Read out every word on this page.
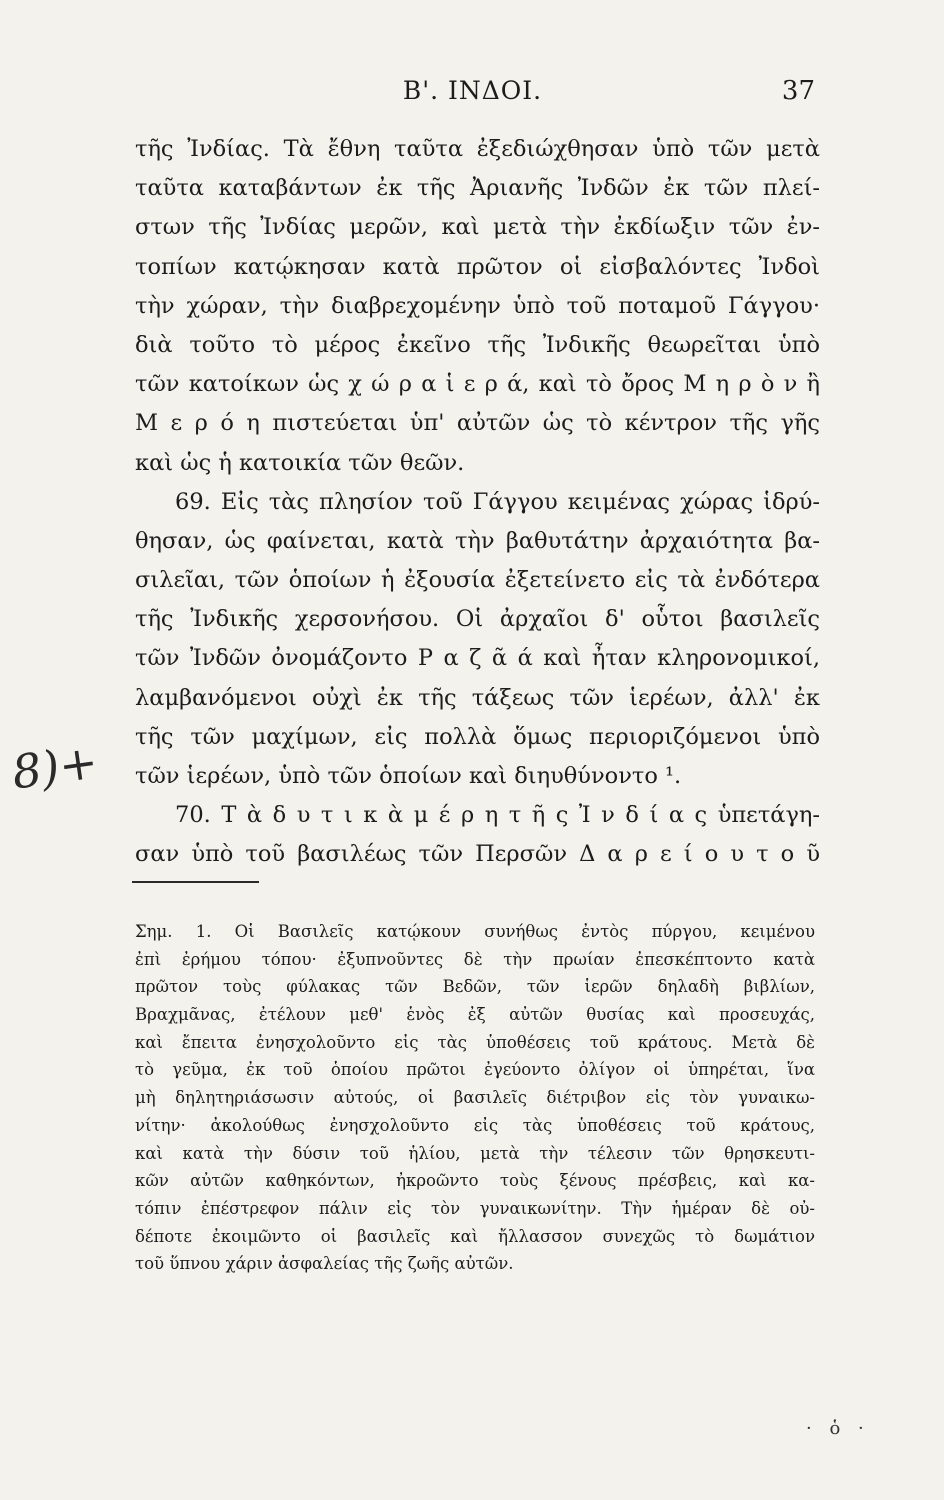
Β'. ΙΝΔΟΙ.	37
τῆς Ἰνδίας. Τὰ ἔθνη ταῦτα ἐξεδιώχθησαν ὑπὸ τῶν μετὰ
ταῦτα καταβάντων ἐκ τῆς Ἀριανῆς Ἰνδῶν ἐκ τῶν πλεί-
στων τῆς Ἰνδίας μερῶν, καὶ μετὰ τὴν ἐκδίωξιν τῶν ἐν-
τοπίων κατῴκησαν κατὰ πρῶτον οἱ εἰσβαλόντες Ἰνδοὶ
τὴν χώραν, τὴν διαβρεχομένην ὑπὸ τοῦ ποταμοῦ Γάγγου·
διὰ τοῦτο τὸ μέρος ἐκεῖνο τῆς Ἰνδικῆς θεωρεῖται ὑπὸ
τῶν κατοίκων ὡς χ ώ ρ α ἱ ε ρ ά, καὶ τὸ ὄρος Μ η ρ ὸ ν ἢ
Μ ε ρ ό η πιστεύεται ὑπ' αὐτῶν ὡς τὸ κέντρον τῆς γῆς
καὶ ὡς ἡ κατοικία τῶν θεῶν.
69. Εἰς τὰς πλησίον τοῦ Γάγγου κειμένας χώρας ἱδρύ-
θησαν, ὡς φαίνεται, κατὰ τὴν βαθυτάτην ἀρχαιότητα βα-
σιλεῖαι, τῶν ὁποίων ἡ ἐξουσία ἐξετείνετο εἰς τὰ ἐνδότερα
τῆς Ἰνδικῆς χερσονήσου. Οἱ ἀρχαῖοι δ' οὗτοι βασιλεῖς
τῶν Ἰνδῶν ὀνομάζοντο Ρ α ζ ᾶ ά καὶ ἦταν κληρονομικοί,
λαμβανόμενοι οὐχὶ ἐκ τῆς τάξεως τῶν ἱερέων, ἀλλ' ἐκ
τῆς τῶν μαχίμων, εἰς πολλὰ ὅμως περιοριζόμενοι ὑπὸ
τῶν ἱερέων, ὑπὸ τῶν ὁποίων καὶ διηυθύνοντο ¹.
70. Τ ὰ δ υ τ ι κ ὰ μ έ ρ η τ ῆ ς Ἰ ν δ ί α ς ὑπετάγη-
σαν ὑπὸ τοῦ βασιλέως τῶν Περσῶν Δ α ρ ε ί ο υ τ ο ῦ
8)+
Σημ. 1. Οἱ Βασιλεῖς κατῴκουν συνήθως ἐντὸς πύργου, κειμένου
ἐπὶ ἐρήμου τόπου· ἐξυπνοῦντες δὲ τὴν πρωίαν ἐπεσκέπτοντο κατὰ
πρῶτον τοὺς φύλακας τῶν Βεδῶν, τῶν ἱερῶν δηλαδὴ βιβλίων,
Βραχμᾶνας, ἐτέλουν μεθ' ἑνὸς ἐξ αὐτῶν θυσίας καὶ προσευχάς,
καὶ ἔπειτα ἐνησχολοῦντο εἰς τὰς ὑποθέσεις τοῦ κράτους. Μετὰ δὲ
τὸ γεῦμα, ἐκ τοῦ ὁποίου πρῶτοι ἐγεύοντο ὀλίγον οἱ ὑπηρέται, ἵνα
μὴ δηλητηριάσωσιν αὐτούς, οἱ βασιλεῖς διέτριβον εἰς τὸν γυναικω-
νίτην· ἀκολούθως ἐνησχολοῦντο εἰς τὰς ὑποθέσεις τοῦ κράτους,
καὶ κατὰ τὴν δύσιν τοῦ ἡλίου, μετὰ τὴν τέλεσιν τῶν θρησκευτι-
κῶν αὐτῶν καθηκόντων, ἠκροῶντο τοὺς ξένους πρέσβεις, καὶ κα-
τόπιν ἐπέστρεφον πάλιν εἰς τὸν γυναικωνίτην. Τὴν ἡμέραν δὲ οὐ-
δέποτε ἐκοιμῶντο οἱ βασιλεῖς καὶ ἤλλασσον συνεχῶς τὸ δωμάτιον
τοῦ ὕπνου χάριν ἀσφαλείας τῆς ζωῆς αὐτῶν.
· ὁ ·
